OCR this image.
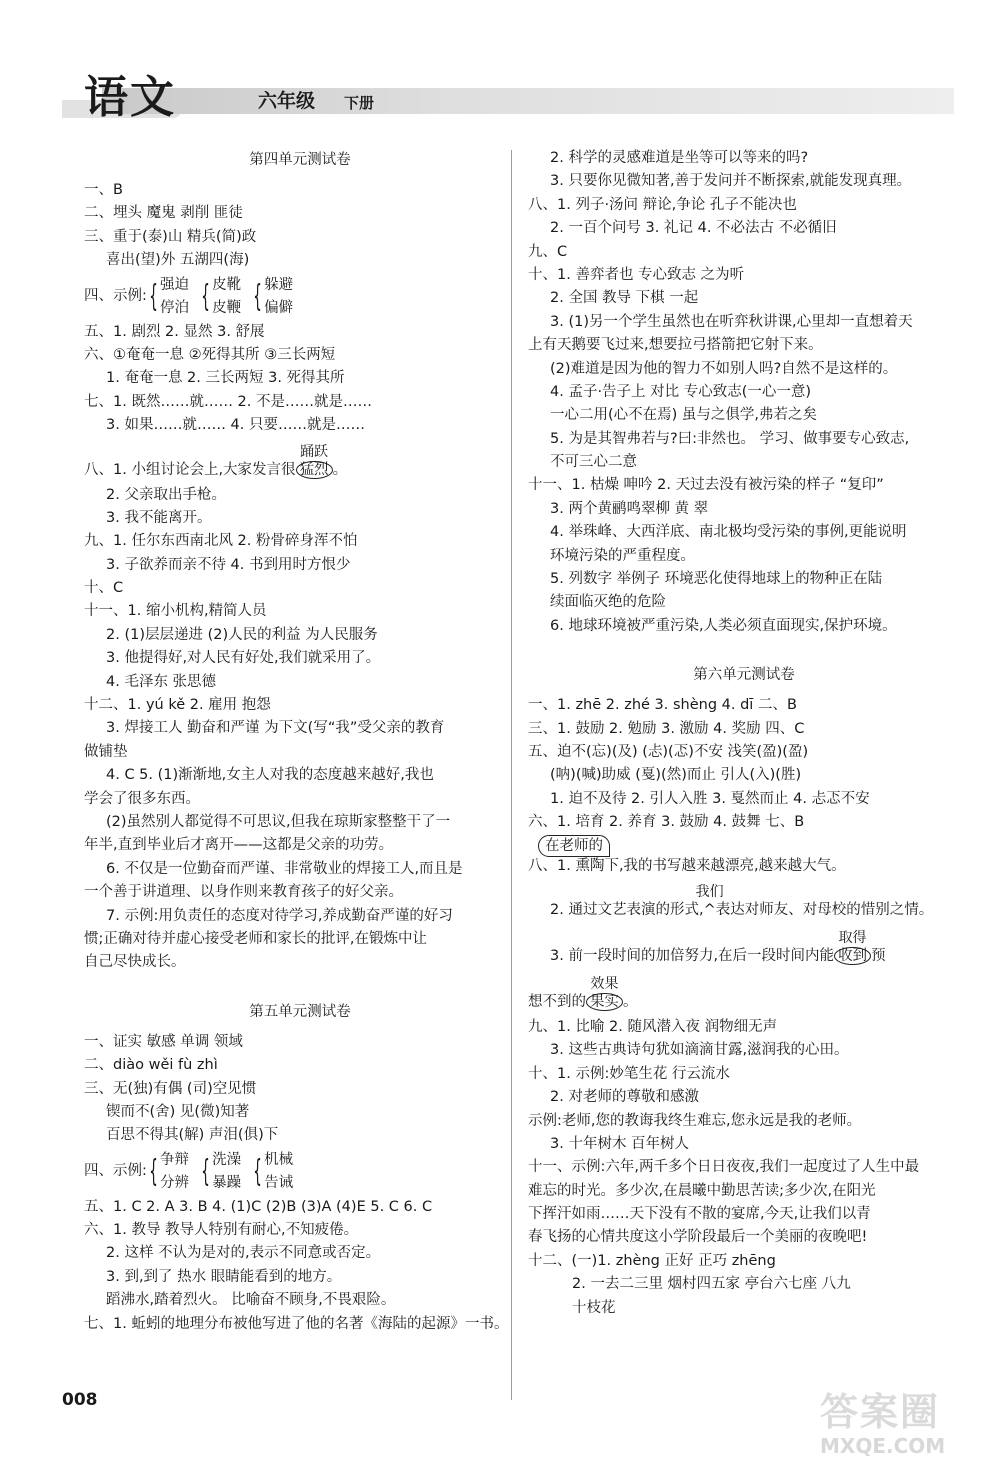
语文	六年级 下册
第四单元测试卷
一、B
二、埋头 魔鬼 剥削 匪徒
三、重于(泰)山 精兵(简)政
喜出(望)外 五湖四(海)
四、示例: { 强迫
停泊 { 皮靴
皮鞭 { 躲避
偏僻
五、1. 剧烈 2. 显然 3. 舒展
六、①奄奄一息 ②死得其所 ③三长两短
1. 奄奄一息 2. 三长两短 3. 死得其所
七、1. 既然……就…… 2. 不是……就是……
3. 如果……就…… 4. 只要……就是……
八、1. 小组讨论会上,大家发言很
踊跃
猛烈 。
2. 父亲取出手枪。
3. 我不能离开。
九、1. 任尔东西南北风 2. 粉骨碎身浑不怕
3. 子欲养而亲不待 4. 书到用时方恨少
十、C
十一、1. 缩小机构,精简人员
2. (1)层层递进 (2)人民的利益 为人民服务
3. 他提得好,对人民有好处,我们就采用了。
4. 毛泽东 张思德
十二、1. yú kě 2. 雇用 抱怨
3. 焊接工人 勤奋和严谨 为下文(写“我”受父亲的教育
做铺垫
4. C 5. (1)渐渐地,女主人对我的态度越来越好,我也
学会了很多东西。
(2)虽然别人都觉得不可思议,但我在琼斯家整整干了一
年半,直到毕业后才离开——这都是父亲的功劳。
6. 不仅是一位勤奋而严谨、非常敬业的焊接工人,而且是
一个善于讲道理、以身作则来教育孩子的好父亲。
7. 示例:用负责任的态度对待学习,养成勤奋严谨的好习
惯;正确对待并虚心接受老师和家长的批评,在锻炼中让
自己尽快成长。
第五单元测试卷
一、证实 敏感 单调 领域
二、diào wěi fù zhì
三、无(独)有偶 (司)空见惯
锲而不(舍) 见(微)知著
百思不得其(解) 声泪(俱)下
四、示例: { 争辩
分辨 { 洗澡
暴躁 { 机械
告诫
五、1. C 2. A 3. B 4. (1)C (2)B (3)A (4)E 5. C 6. C
六、1. 教导 教导人特别有耐心,不知疲倦。
2. 这样 不认为是对的,表示不同意或否定。
3. 到,到了 热水 眼睛能看到的地方。
蹈沸水,踏着烈火。 比喻奋不顾身,不畏艰险。
七、1. 蚯蚓的地理分布被他写进了他的名著《海陆的起源》一书。
2. 科学的灵感难道是坐等可以等来的吗?
3. 只要你见微知著,善于发问并不断探索,就能发现真理。
八、1. 列子·汤问 辩论,争论 孔子不能决也
2. 一百个问号 3. 礼记 4. 不必法古 不必循旧
九、C
十、1. 善弈者也 专心致志 之为听
2. 全国 教导 下棋 一起
3. (1)另一个学生虽然也在听弈秋讲课,心里却一直想着天
上有天鹅要飞过来,想要拉弓搭箭把它射下来。
(2)难道是因为他的智力不如别人吗?自然不是这样的。
4. 孟子·告子上 对比 专心致志(一心一意)
一心二用(心不在焉) 虽与之俱学,弗若之矣
5. 为是其智弗若与?曰:非然也。 学习、做事要专心致志,
不可三心二意
十一、1. 枯燥 呻吟 2. 天过去没有被污染的样子 “复印”
3. 两个黄鹂鸣翠柳 黄 翠
4. 举珠峰、大西洋底、南北极均受污染的事例,更能说明
环境污染的严重程度。
5. 列数字 举例子 环境恶化使得地球上的物种正在陆
续面临灭绝的危险
6. 地球环境被严重污染,人类必须直面现实,保护环境。
第六单元测试卷
一、1. zhē 2. zhé 3. shèng 4. dī 二、B
三、1. 鼓励 2. 勉励 3. 激励 4. 奖励 四、C
五、迫不(忘)(及) (忐)(忑)不安 浅笑(盈)(盈)
(呐)(喊)助威 (戛)(然)而止 引人(入)(胜)
1. 迫不及待 2. 引人入胜 3. 戛然而止 4. 忐忑不安
六、1. 培育 2. 养育 3. 鼓励 4. 鼓舞 七、B
在老师的
八、1. 熏陶下,我的书写越来越漂亮,越来越大气。
2. 通过文艺表演的形式,
我们
^表达对师友、对母校的惜别之情。
3. 前一段时间的加倍努力,在后一段时间内能
取得
收到 预
想不到的
效果
果实 。
九、1. 比喻 2. 随风潜入夜 润物细无声
3. 这些古典诗句犹如滴滴甘露,滋润我的心田。
十、1. 示例:妙笔生花 行云流水
2. 对老师的尊敬和感激
示例:老师,您的教诲我终生难忘,您永远是我的老师。
3. 十年树木 百年树人
十一、示例:六年,两千多个日日夜夜,我们一起度过了人生中最
难忘的时光。多少次,在晨曦中勤思苦读;多少次,在阳光
下挥汗如雨……天下没有不散的宴席,今天,让我们以青
春飞扬的心情共度这小学阶段最后一个美丽的夜晚吧!
十二、(一)1. zhèng 正好 正巧 zhēng
2. 一去二三里 烟村四五家 亭台六七座 八九
十枝花
008	答案圈
MXQE.COM
